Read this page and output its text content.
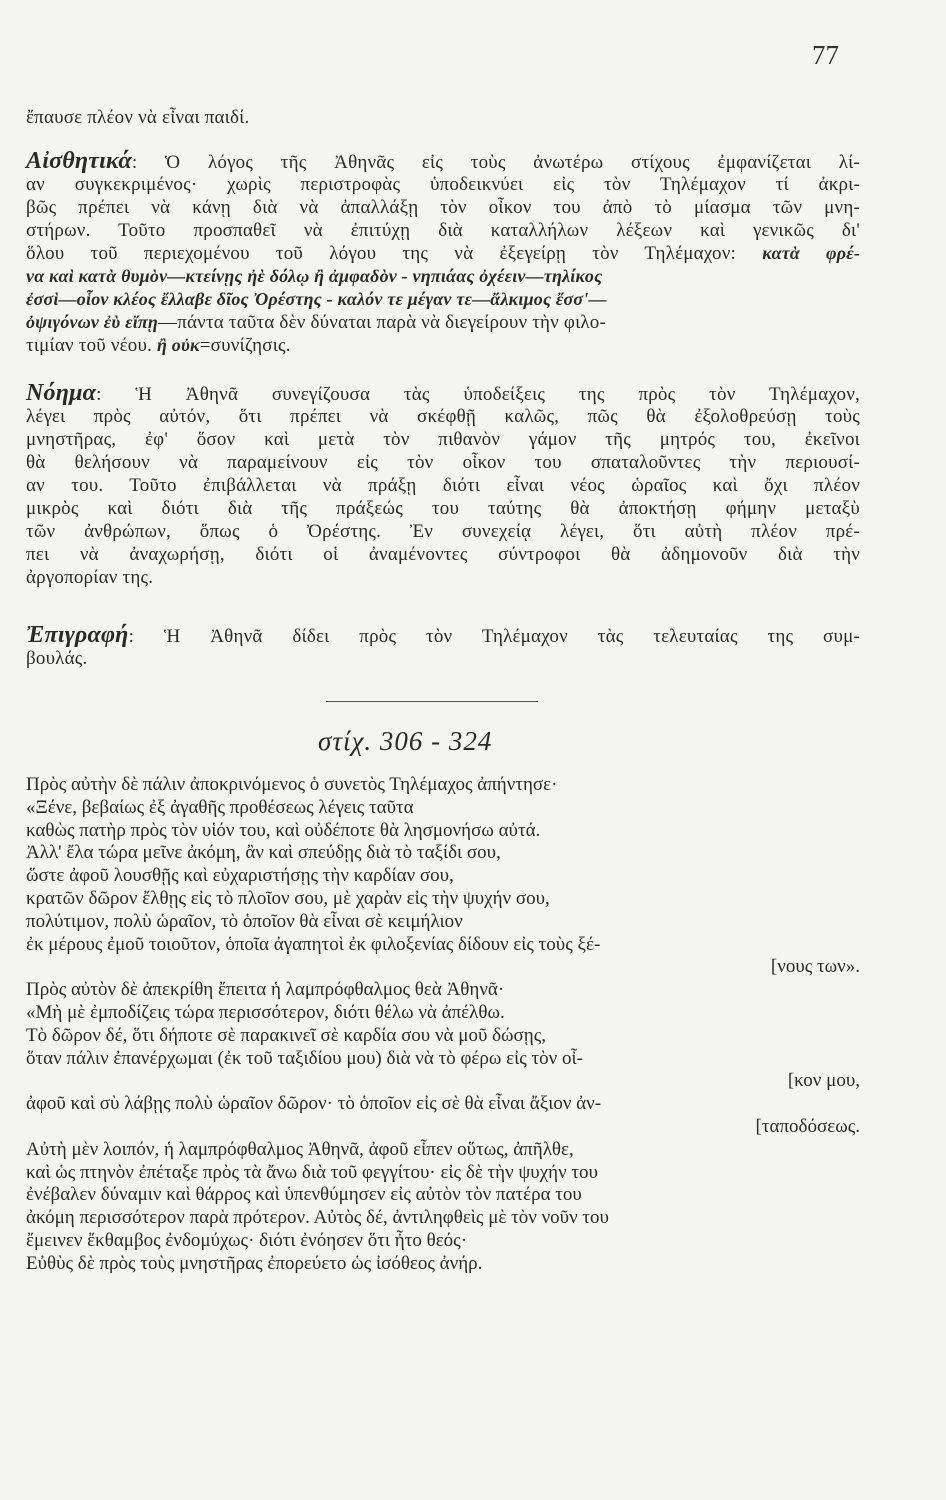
77
ἔπαυσε πλέον νὰ εἶναι παιδί.
Αἰσθητικά: Ὁ λόγος τῆς Ἀθηνᾶς εἰς τοὺς ἀνωτέρω στίχους ἐμφανίζεται λί-
αν συγκεκριμένος· χωρὶς περιστροφὰς ὑποδεικνύει εἰς τὸν Τηλέμαχον τί ἀκρι-
βῶς πρέπει νὰ κάνῃ διὰ νὰ ἀπαλλάξῃ τὸν οἶκον του ἀπὸ τὸ μίασμα τῶν μνη-
στήρων. Τοῦτο προσπαθεῖ νὰ ἐπιτύχῃ διὰ καταλλήλων λέξεων καὶ γενικῶς δι'
ὅλου τοῦ περιεχομένου τοῦ λόγου της νὰ ἐξεγείρῃ τὸν Τηλέμαχον: κατὰ φρέ-
να καὶ κατὰ θυμὸν—κτείνῃς ἠὲ δόλῳ ἢ ἀμφαδὸν - νηπιάας ὀχέειν—τηλίκος
ἐσσὶ—οἷον κλέος ἔλλαβε δῖος Ὀρέστης - καλόν τε μέγαν τε—ἄλκιμος ἔσσ'—
ὀψιγόνων ἐὺ εἴπῃ—πάντα ταῦτα δὲν δύναται παρὰ νὰ διεγείρουν τὴν φιλο-
τιμίαν τοῦ νέου. ἢ οὐκ=συνίζησις.
Νόημα: Ἡ Ἀθηνᾶ συνεγίζουσα τὰς ὑποδείξεις της πρὸς τὸν Τηλέμαχον,
λέγει πρὸς αὐτόν, ὅτι πρέπει νὰ σκέφθῇ καλῶς, πῶς θὰ ἐξολοθρεύσῃ τοὺς
μνηστῆρας, ἐφ' ὅσον καὶ μετὰ τὸν πιθανὸν γάμον τῆς μητρός του, ἐκεῖνοι
θὰ θελήσουν νὰ παραμείνουν εἰς τὸν οἶκον του σπαταλοῦντες τὴν περιουσί-
αν του. Τοῦτο ἐπιβάλλεται νὰ πράξῃ διότι εἶναι νέος ὡραῖος καὶ ὄχι πλέον
μικρὸς καὶ διότι διὰ τῆς πράξεώς του ταύτης θὰ ἀποκτήσῃ φήμην μεταξὺ
τῶν ἀνθρώπων, ὅπως ὁ Ὀρέστης. Ἐν συνεχείᾳ λέγει, ὅτι αὐτὴ πλέον πρέ-
πει νὰ ἀναχωρήσῃ, διότι οἱ ἀναμένοντες σύντροφοι θὰ ἀδημονοῦν διὰ τὴν
ἀργοπορίαν της.
Ἐπιγραφή: Ἡ Ἀθηνᾶ δίδει πρὸς τὸν Τηλέμαχον τὰς τελευταίας της συμ-
βουλάς.
στίχ. 306 - 324
Πρὸς αὐτὴν δὲ πάλιν ἀποκρινόμενος ὁ συνετὸς Τηλέμαχος ἀπήντησε·
«Ξένε, βεβαίως ἐξ ἀγαθῆς προθέσεως λέγεις ταῦτα
καθὼς πατὴρ πρὸς τὸν υἱόν του, καὶ οὐδέποτε θὰ λησμονήσω αὐτά.
Ἀλλ' ἔλα τώρα μεῖνε ἀκόμη, ἂν καὶ σπεύδῃς διὰ τὸ ταξίδι σου,
ὥστε ἀφοῦ λουσθῇς καὶ εὐχαριστήσῃς τὴν καρδίαν σου,
κρατῶν δῶρον ἔλθῃς εἰς τὸ πλοῖον σου, μὲ χαρὰν εἰς τὴν ψυχήν σου,
πολύτιμον, πολὺ ὡραῖον, τὸ ὁποῖον θὰ εἶναι σὲ κειμήλιον
ἐκ μέρους ἐμοῦ τοιοῦτον, ὁποῖα ἀγαπητοὶ ἐκ φιλοξενίας δίδουν εἰς τοὺς ξέ-
[νους των».
Πρὸς αὐτὸν δὲ ἀπεκρίθη ἔπειτα ἡ λαμπρόφθαλμος θεὰ Ἀθηνᾶ·
«Μὴ μὲ ἐμποδίζεις τώρα περισσότερον, διότι θέλω νὰ ἀπέλθω.
Τὸ δῶρον δέ, ὅτι δήποτε σὲ παρακινεῖ σὲ καρδία σου νὰ μοῦ δώσῃς,
ὅταν πάλιν ἐπανέρχωμαι (ἐκ τοῦ ταξιδίου μου) διὰ νὰ τὸ φέρω εἰς τὸν οἶ-
[κον μου,
ἀφοῦ καὶ σὺ λάβῃς πολὺ ὡραῖον δῶρον· τὸ ὁποῖον εἰς σὲ θὰ εἶναι ἄξιον ἀν-
[ταποδόσεως.
Αὐτὴ μὲν λοιπόν, ἡ λαμπρόφθαλμος Ἀθηνᾶ, ἀφοῦ εἶπεν οὕτως, ἀπῆλθε,
καὶ ὡς πτηνὸν ἐπέταξε πρὸς τὰ ἄνω διὰ τοῦ φεγγίτου· εἰς δὲ τὴν ψυχήν του
ἐνέβαλεν δύναμιν καὶ θάρρος καὶ ὑπενθύμησεν εἰς αὐτὸν τὸν πατέρα του
ἀκόμη περισσότερον παρὰ πρότερον. Αὐτὸς δέ, ἀντιληφθεὶς μὲ τὸν νοῦν του
ἔμεινεν ἔκθαμβος ἐνδομύχως· διότι ἐνόησεν ὅτι ἦτο θεός·
Εὐθὺς δὲ πρὸς τοὺς μνηστῆρας ἐπορεύετο ὡς ἰσόθεος ἀνήρ.
